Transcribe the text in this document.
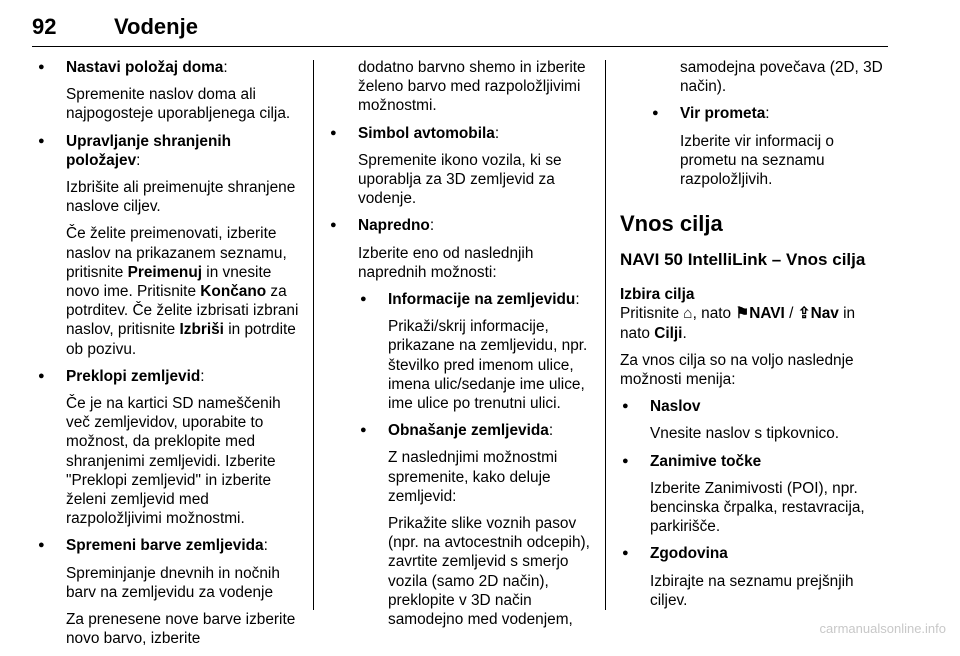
92	Vodenje
● Nastavi položaj doma:
Spremenite naslov doma ali najpogosteje uporabljenega cilja.
● Upravljanje shranjenih položajev:
Izbrišite ali preimenujte shranjene naslove ciljev.
Če želite preimenovati, izberite naslov na prikazanem seznamu, pritisnite Preimenuj in vnesite novo ime. Pritisnite Končano za potrditev. Če želite izbrisati izbrani naslov, pritisnite Izbriši in potrdite ob pozivu.
● Preklopi zemljevid:
Če je na kartici SD nameščenih več zemljevidov, uporabite to možnost, da preklopite med shranjenimi zemljevidi. Izberite "Preklopi zemljevid" in izberite želeni zemljevid med razpoložljivimi možnostmi.
● Spremeni barve zemljevida:
Spreminjanje dnevnih in nočnih barv na zemljevidu za vodenje
Za prenesene nove barve izberite novo barvo, izberite
dodatno barvno shemo in izberite želeno barvo med razpoložljivimi možnostmi.
● Simbol avtomobila:
Spremenite ikono vozila, ki se uporablja za 3D zemljevid za vodenje.
● Napredno:
Izberite eno od naslednjih naprednih možnosti:
● Informacije na zemljevidu:
Prikaži/skrij informacije, prikazane na zemljevidu, npr. številko pred imenom ulice, imena ulic/sedanje ime ulice, ime ulice po trenutni ulici.
● Obnašanje zemljevida:
Z naslednjimi možnostmi spremenite, kako deluje zemljevid:
Prikažite slike voznih pasov (npr. na avtocestnih odcepih), zavrtite zemljevid s smerjo vozila (samo 2D način), preklopite v 3D način samodejno med vodenjem,
samodejna povečava (2D, 3D način).
● Vir prometa:
Izberite vir informacij o prometu na seznamu razpoložljivih.
Vnos cilja
NAVI 50 IntelliLink – Vnos cilja
Izbira cilja
Pritisnite ⌂, nato ⚑NAVI / ⇪Nav in nato Cilji.
Za vnos cilja so na voljo naslednje možnosti menija:
● Naslov
Vnesite naslov s tipkovnico.
● Zanimive točke
Izberite Zanimivosti (POI), npr. bencinska črpalka, restavracija, parkirišče.
● Zgodovina
Izbirajte na seznamu prejšnjih ciljev.
carmanualsonline.info
